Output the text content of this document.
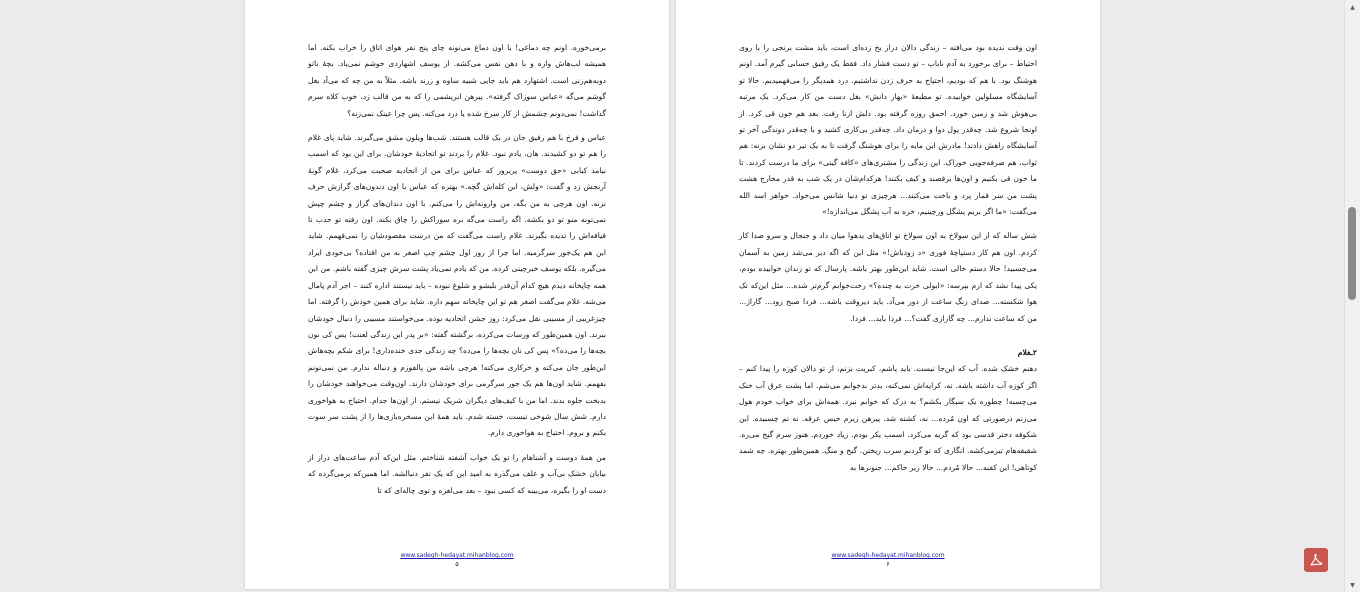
برمی‌خوره. اونم چه دماغی! یا اون دماغ می‌تونه چای پنج نفر هوای اتاق را خراب بکنه. اما همیشه لب‌هاش وازه و با دهن نفس می‌کشه. از یوسف اشهاردی خوشم نمی‌یاد. بچهٔ ناتو دوبه‌هم‌زنی است. اشتهارد هم باید جایی شبیه ساوه و زرند باشه. مثلاً به من چه که می‌آد بغل گوشم می‌گه «عباس سوزاک گرفته». پیرهن ابریشمی را که به من قالب زد، خوب کلاه سرم گذاشت! نمی‌دونم چشمش از کار سرخ شده یا درد می‌کنه. پس چرا عینک نمی‌زنه؟

عباس و فرخ با هم رفیق جان در یک قالب هستند. شب‌ها ویلون مشق می‌گیرند. شاید پای غلام را هم تو دو کشیدند. هان، یادم نبود. غلام را بردند تو اتحادیهٔ خودشان. برای این بود که اسمب نیامد کبابی «حق دوست» پریروز که عباس برای من از اتحادیه صحبت می‌کرد، غلام گونهٔ آرنجش زد و گفت: «ولش، این کله‌اش گچه.» بهتره که عباس با اون دندون‌های گرازش حرف نزنه. اون هرچی به من بگه، من وارونه‌اش را می‌کنم. با اون دندان‌های گراز و چشم چپش نمی‌تونه منو تو دو بکشه. اگه راست می‌گه بره سوراکش را چاق بکنه. اون رفته تو حذب تا قیافه‌اش را تدیده بگیرند. غلام راست می‌گفت که من درست مقصودشان را نمی‌فهمم. شاید این هم یک‌جور سرگرمیه. اما چرا از روز اول چشم چپ اصغر به من افتاده؟ بی‌خودی ایراد می‌گیره. بلکه یوسف خبرچینی کرده. من که یادم نمی‌یاد پشت سرش چیزی گفته باشم. من این همه چاپخانه دیدم هیچ کدام آن‌قدر بلبشو و شلوغ نبوده – باید نیستند اداره کنند – اجر آدم پامال می‌شه. غلام می‌گفت اصغر هم تو این چاپخانه سهم داره. شاید برای همین خودش را گرفته. اما چیزغریبی از مسیبی نقل می‌کرد: روز جشن اتحادیه بوده. می‌خواستند مسیبی را دنبال خودشان ببرند. اون همین‌طور که ورسات می‌کرده، برگشته گفته: «بر پدر این زندگی لعنت! پس کی نون بچه‌ها را می‌ده؟» پس کی نان بچه‌ها را می‌ده؟ چه زندگی جدی خنده‌داری! برای شکم بچه‌هاش این‌طور جان می‌کنه و خرکاری می‌کنه! هرچی باشه من پالفوزم و دنباله ندارم. من نمی‌تونم بفهمم. شاید اون‌ها هم یک جور سرگرمی برای خودشان دارند. اون‌وقت می‌خواهند خودشان را بدبخت جلوه بدند. اما من با کیف‌های دیگران شریک نیستم. از اون‌ها جدام. احتیاج به هواخوری دارم. شش سال شوخی نیست، خسته شدم. باید همهٔ این مسخره‌بازی‌ها را از پشت سر سوت بکنم و بروم. احتیاج به هواخوری دارم.

من همهٔ دوست و آشناهام را تو یک خواب آشفته شناختم. مثل این‌که آدم ساعت‌های دراز از بیابان خشک بی‌آب و علف می‌گذره به امید این که یک نفر دنبالشه. اما همین‌که برمی‌گرده که دست او را بگیره، می‌بینه که کسی نبود – بعد می‌لغزه و توی چاله‌ای که تا

www.sadegh-hedayat.mihanblog.com
۵

اون وقت ندیده بود می‌افته – زندگی دالان دراز یخ زده‌ای است، باید مشت برنجی را با روی احتیاط – برای برخورد به آدم ناباب – تو دست فشار داد. فقط یک رفیق حسابی گیرم آمد. اونم هوشنگ بود. با هم که بودیم، احتیاج به حرف زدن نداشتیم. درد همدیگر را می‌فهمیدیم. حالا تو آسایشگاه مسلولین خوابیده. تو مطبعهٔ «بهار دانش» بغل دست من کار می‌کرد. یک مرتبه بی‌هوش شد و زمین خورد. احمق روزه گرفته بود. دلش ازنا رفت. بعد هم خون قی کرد. از اونجا شروع شد. چه‌قدر پول دوا و درمان داد. چه‌قدر بی‌کاری کشید و با چه‌قدر دوندگی آخر تو آسایشگاه راهش دادند! مادرش این مایه را برای هوشنگ گرفت تا به یک تیر دو نشان بزنه: هم ثواب، هم صرفه‌جویی خوراک. این زندگی را مشتری‌های «کافه گیتی» برای ما درست کردند. تا ما خون قی بکنیم و اون‌ها برقصند و کیف بکنند! هرکدام‌شان در یک شب به قدر مخارج هشت پشت من سر قمار پرد و باخت می‌کنند... هرچیزی تو دنیا شانس می‌خواد. خواهر اسد الله می‌گفت: «ما اگر بریم پشگل ورچینیم، خره به آب پشگل می‌اندازه!»

شش ساله که از این سولاخ به اون سولاخ تو اتاق‌های بدهوا میان داد و جنجال و سرو صدا کار کردم. اون هم کار دستپاچهٔ فوری «د زودباش!» مثل این که اگه دیر می‌شد زمین به آسمان می‌چسبید! حالا دستم خالی است. شاید این‌طور بهتر باشه. پارسال که تو زندان خوابیده بودم، یکی پیدا نشد که ازم بپرسه: «ابولی خرت به چنده؟» رخت‌خوابم گرم‌تر شده... مثل این‌که تک هوا شکسته... صدای زنگ ساعت از دور می‌آد. باید دیروقت باشه... فردا صبح زود... گاراژ... من که ساعت ندارم... چه گارازی گفت؟... فردا باید... فردا.

۲ـغلام

دهنم خشک شده. آب که این‌جا نیست. باید پاشم، کبریت بزنم، از تو دالان کوزه را پیدا کنم – اگر کوزه آب داشته باشه. نه، کرایه‌اش نمی‌کنه، بدتر بدخوابم می‌شم. اما پشت عرق آب خنک می‌چسبه! چطوره یک سیگار بکشم؟ به درک که خوابم نبرد. همه‌اش برای خواب خودم هول می‌زنم درصورتی که اون مُرده... نه، کشته شد. پیرهن زیرم خیس عرقه. نه تم چسبیده. این شکوفه دختر قدسی بود که گریه می‌کرد. اسمب یکر بودم. زیاد خوردم. هنوز سرم گیج می‌ره. شقیقه‌هام تیر‌می‌کشه. انگاری که تو گردنم سرب ریختن. گیج و منگ. همین‌طور بهتره. چه شمد کوتاهی! این کفنه... حالا مُردم... حالا زیر خاکم... جنونرها به

www.sadegh-hedayat.mihanblog.com
۶
▲
▼
